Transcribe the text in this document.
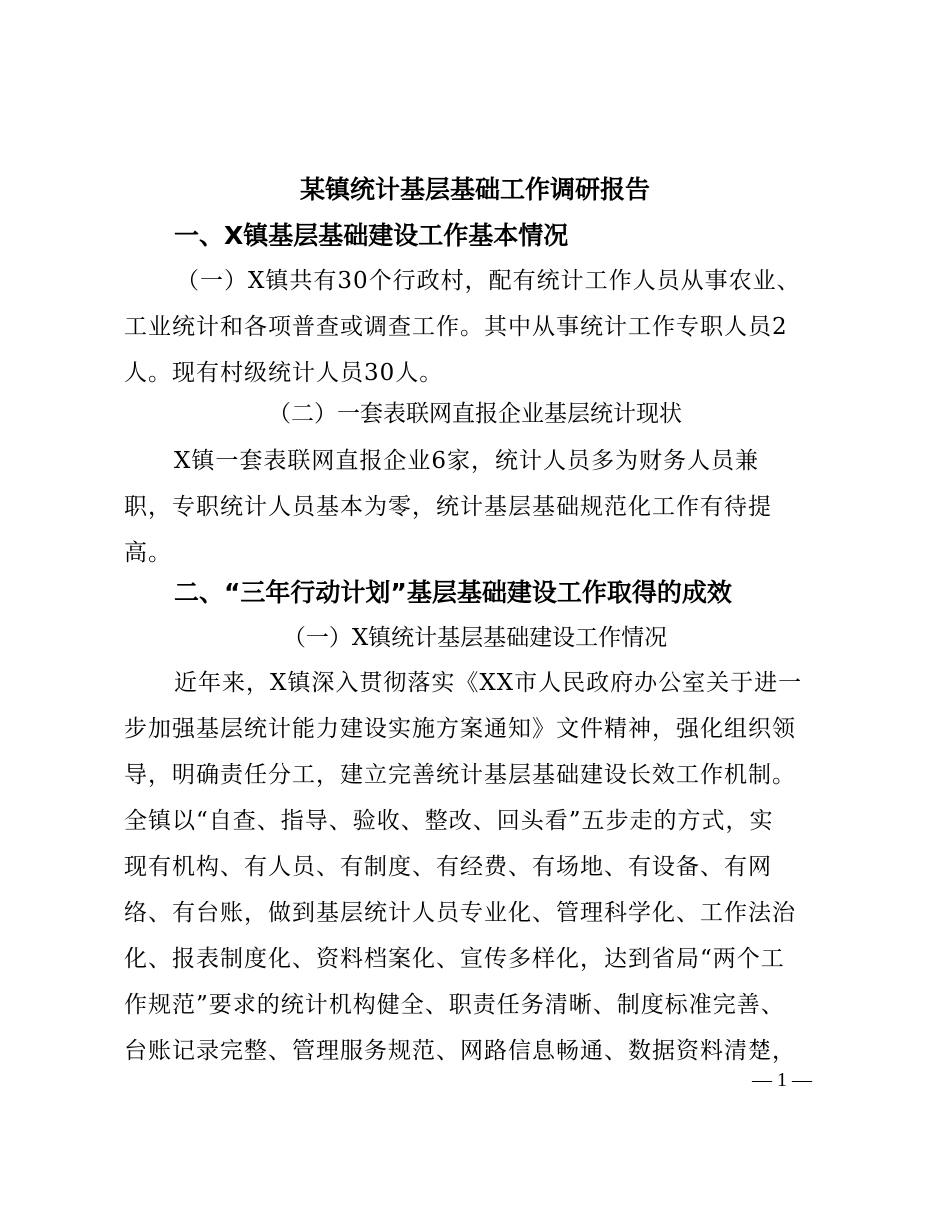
某镇统计基层基础工作调研报告
一、X镇基层基础建设工作基本情况
（一）X镇共有30个行政村，配有统计工作人员从事农业、
工业统计和各项普查或调查工作。其中从事统计工作专职人员2
人。现有村级统计人员30人。
（二）一套表联网直报企业基层统计现状
X镇一套表联网直报企业6家，统计人员多为财务人员兼
职，专职统计人员基本为零，统计基层基础规范化工作有待提
高。
二、“三年行动计划”基层基础建设工作取得的成效
（一）X镇统计基层基础建设工作情况
近年来，X镇深入贯彻落实《XX市人民政府办公室关于进一
步加强基层统计能力建设实施方案通知》文件精神，强化组织领
导，明确责任分工，建立完善统计基层基础建设长效工作机制。
全镇以“自查、指导、验收、整改、回头看”五步走的方式，实
现有机构、有人员、有制度、有经费、有场地、有设备、有网
络、有台账，做到基层统计人员专业化、管理科学化、工作法治
化、报表制度化、资料档案化、宣传多样化，达到省局“两个工
作规范”要求的统计机构健全、职责任务清晰、制度标准完善、
台账记录完整、管理服务规范、网路信息畅通、数据资料清楚，
— 1 —
